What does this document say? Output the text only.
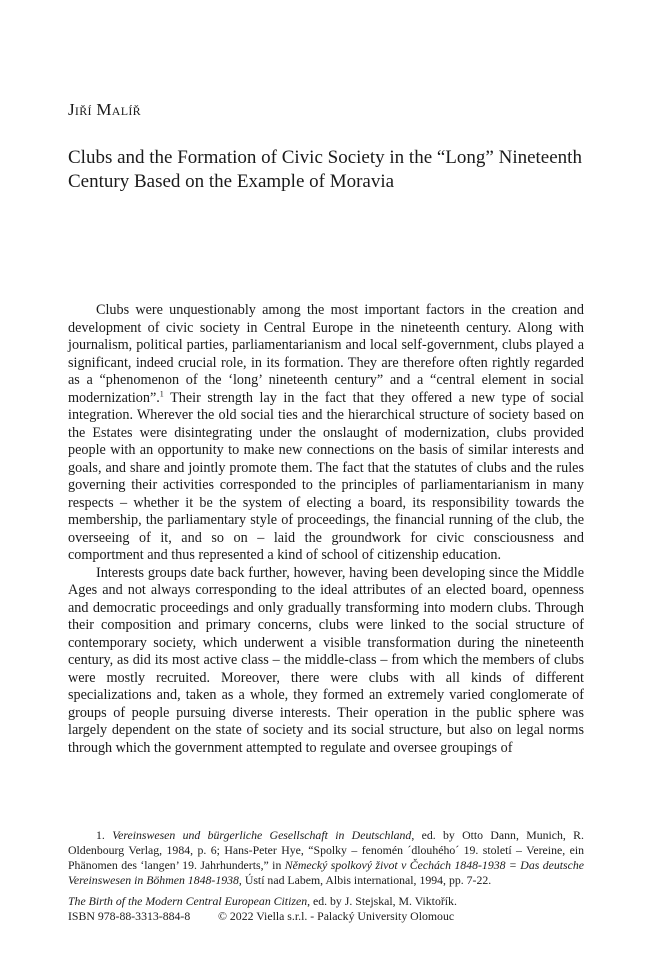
Jiří Malíř
Clubs and the Formation of Civic Society in the “Long” Nineteenth Century Based on the Example of Moravia

Clubs were unquestionably among the most important factors in the creation and development of civic society in Central Europe in the nineteenth century. Along with journalism, political parties, parliamentarianism and local self-government, clubs played a significant, indeed crucial role, in its formation. They are therefore often rightly regarded as a “phenomenon of the ‘long’ nineteenth century” and a “central element in social modernization”.$^1$ Their strength lay in the fact that they offered a new type of social integration. Wherever the old social ties and the hierarchical structure of society based on the Estates were disintegrating under the onslaught of modernization, clubs provided people with an opportunity to make new connections on the basis of similar interests and goals, and share and jointly promote them. The fact that the statutes of clubs and the rules governing their activities corresponded to the principles of parliamentarianism in many respects – whether it be the system of electing a board, its responsibility towards the membership, the parliamentary style of proceedings, the financial running of the club, the overseeing of it, and so on – laid the groundwork for civic consciousness and comportment and thus represented a kind of school of citizenship education.

Interests groups date back further, however, having been developing since the Middle Ages and not always corresponding to the ideal attributes of an elected board, openness and democratic proceedings and only gradually transforming into modern clubs. Through their composition and primary concerns, clubs were linked to the social structure of contemporary society, which underwent a visible transformation during the nineteenth century, as did its most active class – the middle-class – from which the members of clubs were mostly recruited. Moreover, there were clubs with all kinds of different specializations and, taken as a whole, they formed an extremely varied conglomerate of groups of people pursuing diverse interests. Their operation in the public sphere was largely dependent on the state of society and its social structure, but also on legal norms through which the government attempted to regulate and oversee groupings of

1. Vereinswesen und bürgerliche Gesellschaft in Deutschland, ed. by Otto Dann, Munich, R. Oldenbourg Verlag, 1984, p. 6; Hans-Peter Hye, “Spolky – fenomén ´dlouhého´ 19. století – Vereine, ein Phänomen des ‘langen’ 19. Jahrhunderts,” in Německý spolkový život v Čechách 1848-1938 = Das deutsche Vereinswesen in Böhmen 1848-1938, Ústí nad Labem, Albis international, 1994, pp. 7-22.

The Birth of the Modern Central European Citizen, ed. by J. Stejskal, M. Viktořík.
ISBN 978-88-3313-884-8 © 2022 Viella s.r.l. - Palacký University Olomouc
